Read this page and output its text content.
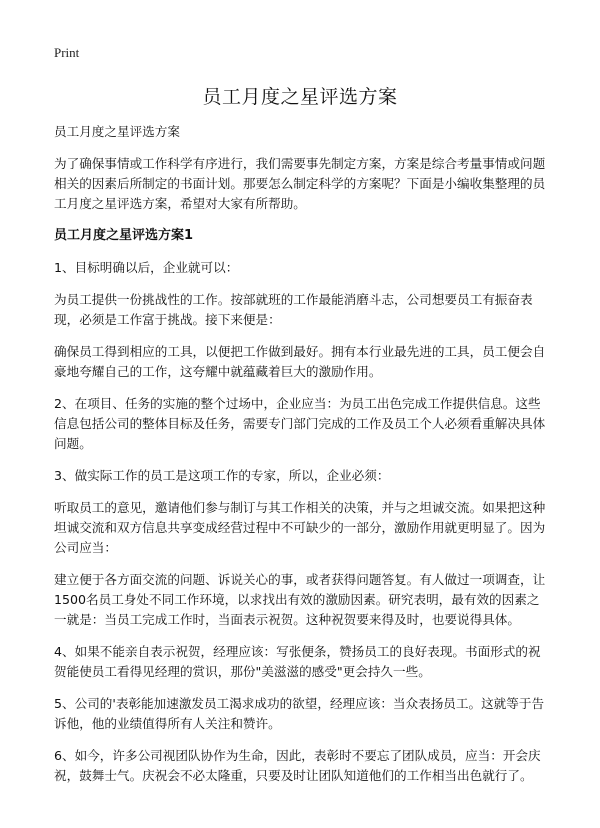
Print
员工月度之星评选方案

员工月度之星评选方案

为了确保事情或工作科学有序进行，我们需要事先制定方案，方案是综合考量事情或问题相关的因素后所制定的书面计划。那要怎么制定科学的方案呢？下面是小编收集整理的员工月度之星评选方案，希望对大家有所帮助。

员工月度之星评选方案1

1、目标明确以后，企业就可以：

为员工提供一份挑战性的工作。按部就班的工作最能消磨斗志，公司想要员工有振奋表现，必须是工作富于挑战。接下来便是：

确保员工得到相应的工具，以便把工作做到最好。拥有本行业最先进的工具，员工便会自豪地夸耀自己的工作，这夸耀中就蕴藏着巨大的激励作用。

2、在项目、任务的实施的整个过场中，企业应当：为员工出色完成工作提供信息。这些信息包括公司的整体目标及任务，需要专门部门完成的工作及员工个人必须看重解决具体问题。

3、做实际工作的员工是这项工作的专家，所以，企业必须：

听取员工的意见，邀请他们参与制订与其工作相关的决策，并与之坦诚交流。如果把这种坦诚交流和双方信息共享变成经营过程中不可缺少的一部分，激励作用就更明显了。因为公司应当：

建立便于各方面交流的问题、诉说关心的事，或者获得问题答复。有人做过一项调查，让1500名员工身处不同工作环境，以求找出有效的激励因素。研究表明，最有效的因素之一就是：当员工完成工作时，当面表示祝贺。这种祝贺要来得及时，也要说得具体。

4、如果不能亲自表示祝贺，经理应该：写张便条，赞扬员工的良好表现。书面形式的祝贺能使员工看得见经理的赏识，那份"美滋滋的感受"更会持久一些。

5、公司的'表彰能加速激发员工渴求成功的欲望，经理应该：当众表扬员工。这就等于告诉他，他的业绩值得所有人关注和赞许。

6、如今，许多公司视团队协作为生命，因此，表彰时不要忘了团队成员，应当：开会庆祝，鼓舞士气。庆祝会不必太隆重，只要及时让团队知道他们的工作相当出色就行了。
